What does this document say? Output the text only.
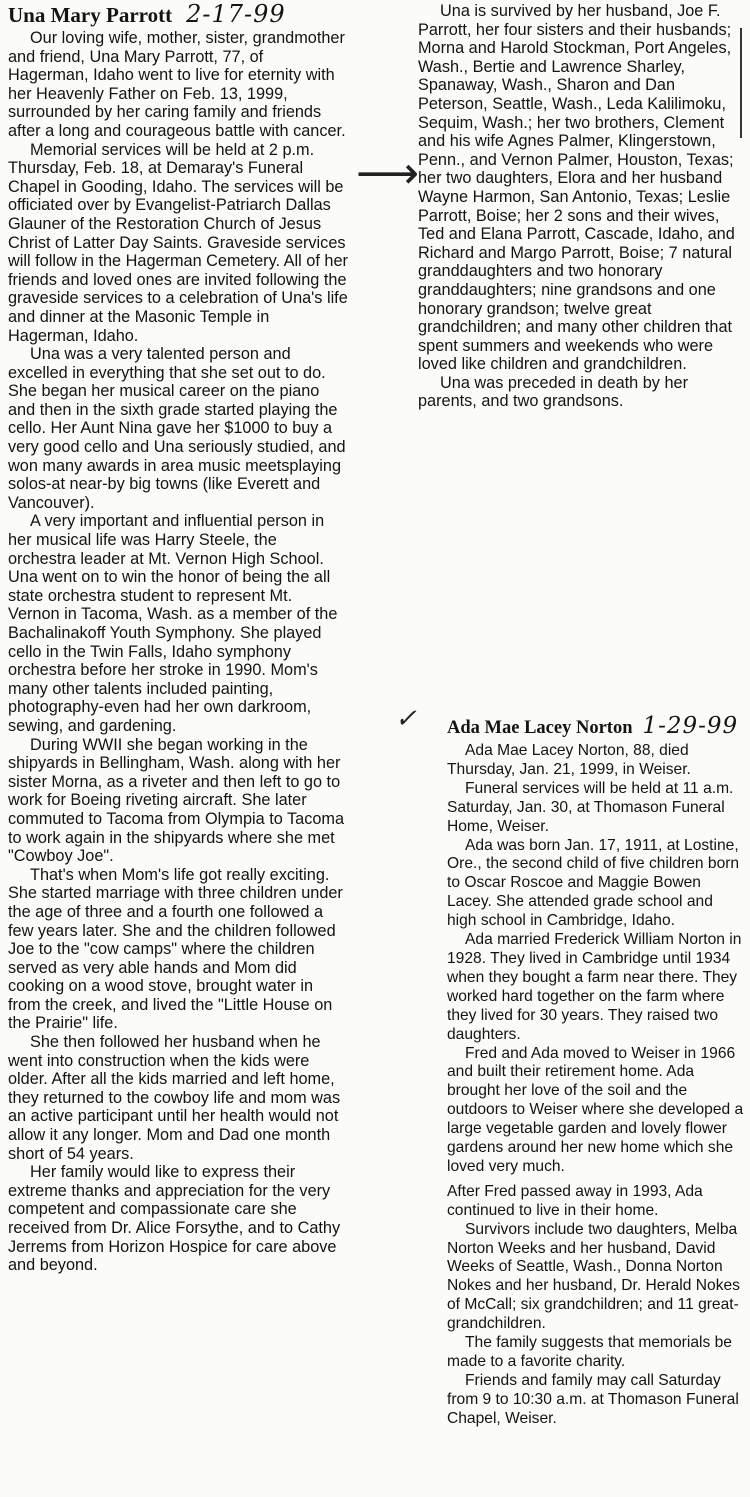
Una Mary Parrott 2-17-99

Our loving wife, mother, sister, grandmother and friend, Una Mary Parrott, 77, of Hagerman, Idaho went to live for eternity with her Heavenly Father on Feb. 13, 1999, surrounded by her caring family and friends after a long and courageous battle with cancer.

Memorial services will be held at 2 p.m. Thursday, Feb. 18, at Demaray's Funeral Chapel in Gooding, Idaho. The services will be officiated over by Evangelist-Patriarch Dallas Glauner of the Restoration Church of Jesus Christ of Latter Day Saints. Graveside services will follow in the Hagerman Cemetery. All of her friends and loved ones are invited following the graveside services to a celebration of Una's life and dinner at the Masonic Temple in Hagerman, Idaho.

Una was a very talented person and excelled in everything that she set out to do. She began her musical career on the piano and then in the sixth grade started playing the cello. Her Aunt Nina gave her $1000 to buy a very good cello and Una seriously studied, and won many awards in area music meetsplaying solos-at near-by big towns (like Everett and Vancouver).

A very important and influential person in her musical life was Harry Steele, the orchestra leader at Mt. Vernon High School. Una went on to win the honor of being the all state orchestra student to represent Mt. Vernon in Tacoma, Wash. as a member of the Bachalinakoff Youth Symphony. She played cello in the Twin Falls, Idaho symphony orchestra before her stroke in 1990. Mom's many other talents included painting, photography-even had her own darkroom, sewing, and gardening.

During WWII she began working in the shipyards in Bellingham, Wash. along with her sister Morna, as a riveter and then left to go to work for Boeing riveting aircraft. She later commuted to Tacoma from Olympia to Tacoma to work again in the shipyards where she met "Cowboy Joe".

That's when Mom's life got really exciting. She started marriage with three children under the age of three and a fourth one followed a few years later. She and the children followed Joe to the "cow camps" where the children served as very able hands and Mom did cooking on a wood stove, brought water in from the creek, and lived the "Little House on the Prairie" life.

She then followed her husband when he went into construction when the kids were older. After all the kids married and left home, they returned to the cowboy life and mom was an active participant until her health would not allow it any longer. Mom and Dad one month short of 54 years.

Her family would like to express their extreme thanks and appreciation for the very competent and compassionate care she received from Dr. Alice Forsythe, and to Cathy Jerrems from Horizon Hospice for care above and beyond.

⟶

Una is survived by her husband, Joe F. Parrott, her four sisters and their husbands; Morna and Harold Stockman, Port Angeles, Wash., Bertie and Lawrence Sharley, Spanaway, Wash., Sharon and Dan Peterson, Seattle, Wash., Leda Kalilimoku, Sequim, Wash.; her two brothers, Clement and his wife Agnes Palmer, Klingerstown, Penn., and Vernon Palmer, Houston, Texas; her two daughters, Elora and her husband Wayne Harmon, San Antonio, Texas; Leslie Parrott, Boise; her 2 sons and their wives, Ted and Elana Parrott, Cascade, Idaho, and Richard and Margo Parrott, Boise; 7 natural granddaughters and two honorary granddaughters; nine grandsons and one honorary grandson; twelve great grandchildren; and many other children that spent summers and weekends who were loved like children and grandchildren.

Una was preceded in death by her parents, and two grandsons.

✓ Ada Mae Lacey Norton 1-29-99

Ada Mae Lacey Norton, 88, died Thursday, Jan. 21, 1999, in Weiser.

Funeral services will be held at 11 a.m. Saturday, Jan. 30, at Thomason Funeral Home, Weiser.

Ada was born Jan. 17, 1911, at Lostine, Ore., the second child of five children born to Oscar Roscoe and Maggie Bowen Lacey. She attended grade school and high school in Cambridge, Idaho.

Ada married Frederick William Norton in 1928. They lived in Cambridge until 1934 when they bought a farm near there. They worked hard together on the farm where they lived for 30 years. They raised two daughters.

Fred and Ada moved to Weiser in 1966 and built their retirement home. Ada brought her love of the soil and the outdoors to Weiser where she developed a large vegetable garden and lovely flower gardens around her new home which she loved very much.

After Fred passed away in 1993, Ada continued to live in their home.

Survivors include two daughters, Melba Norton Weeks and her husband, David Weeks of Seattle, Wash., Donna Norton Nokes and her husband, Dr. Herald Nokes of McCall; six grandchildren; and 11 great-grandchildren.

The family suggests that memorials be made to a favorite charity.

Friends and family may call Saturday from 9 to 10:30 a.m. at Thomason Funeral Chapel, Weiser.
